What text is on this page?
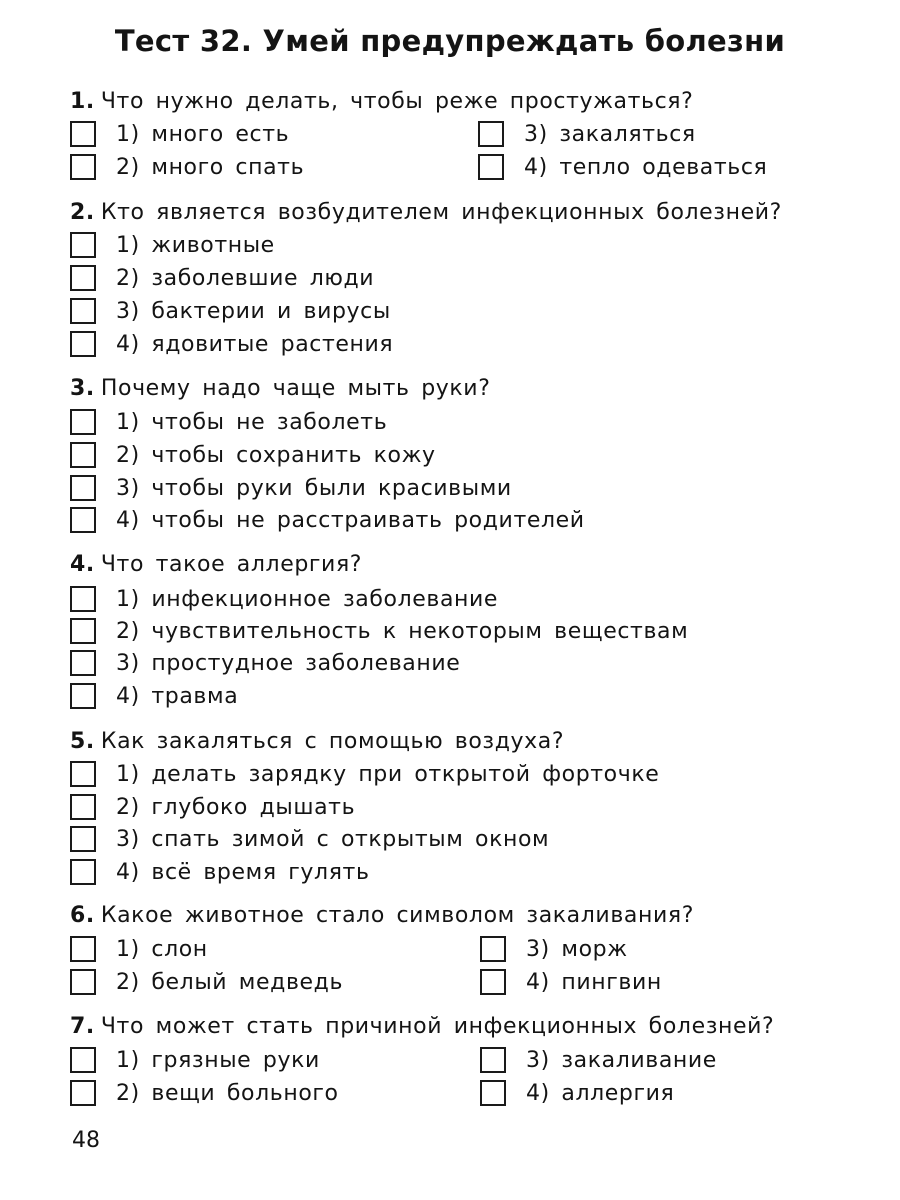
Тест 32. Умей предупреждать болезни
1. Что нужно делать, чтобы реже простужаться?
1) много есть
2) много спать
3) закаляться
4) тепло одеваться
2. Кто является возбудителем инфекционных болезней?
1) животные
2) заболевшие люди
3) бактерии и вирусы
4) ядовитые растения
3. Почему надо чаще мыть руки?
1) чтобы не заболеть
2) чтобы сохранить кожу
3) чтобы руки были красивыми
4) чтобы не расстраивать родителей
4. Что такое аллергия?
1) инфекционное заболевание
2) чувствительность к некоторым веществам
3) простудное заболевание
4) травма
5. Как закаляться с помощью воздуха?
1) делать зарядку при открытой форточке
2) глубоко дышать
3) спать зимой с открытым окном
4) всё время гулять
6. Какое животное стало символом закаливания?
1) слон
2) белый медведь
3) морж
4) пингвин
7. Что может стать причиной инфекционных болезней?
1) грязные руки
2) вещи больного
3) закаливание
4) аллергия
48
